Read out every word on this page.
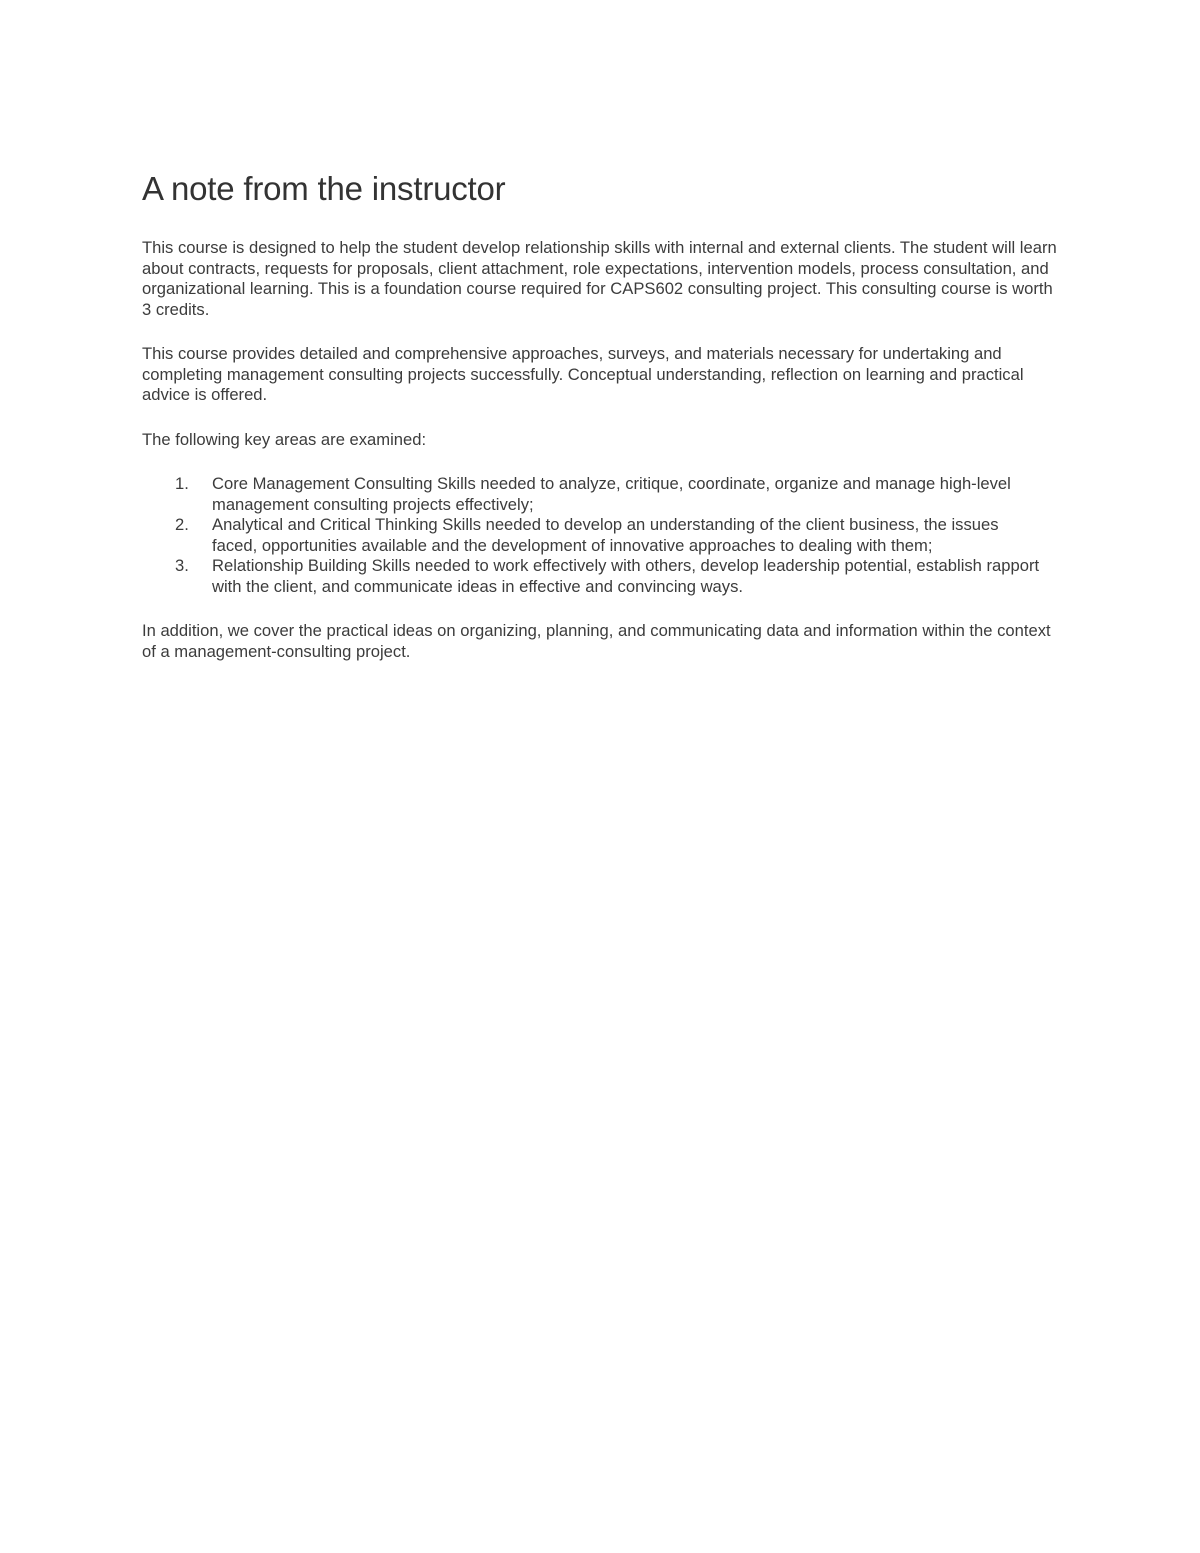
A note from the instructor

This course is designed to help the student develop relationship skills with internal and external clients. The student will learn about contracts, requests for proposals, client attachment, role expectations, intervention models, process consultation, and organizational learning. This is a foundation course required for CAPS602 consulting project. This consulting course is worth 3 credits.

This course provides detailed and comprehensive approaches, surveys, and materials necessary for undertaking and completing management consulting projects successfully. Conceptual understanding, reflection on learning and practical advice is offered.

The following key areas are examined:

1.	Core Management Consulting Skills needed to analyze, critique, coordinate, organize and manage high-level management consulting projects effectively;
2.	Analytical and Critical Thinking Skills needed to develop an understanding of the client business, the issues faced, opportunities available and the development of innovative approaches to dealing with them;
3.	Relationship Building Skills needed to work effectively with others, develop leadership potential, establish rapport with the client, and communicate ideas in effective and convincing ways.

In addition, we cover the practical ideas on organizing, planning, and communicating data and information within the context of a management-consulting project.
